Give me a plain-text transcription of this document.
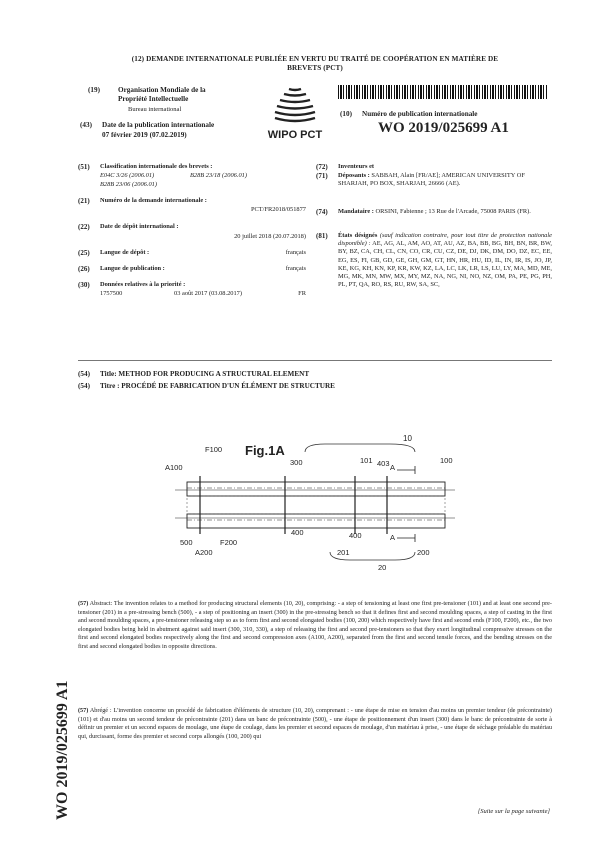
(12) DEMANDE INTERNATIONALE PUBLIÉE EN VERTU DU TRAITÉ DE COOPÉRATION EN MATIÈRE DE
BREVETS (PCT)
(19)	Organisation Mondiale de la
Propriété Intellectuelle
Bureau international
(43) Date de la publication internationale
07 février 2019 (07.02.2019)	WIPO PCT
(10) Numéro de publication internationale
WO 2019/025699 A1
(51) Classification internationale des brevets :
E04C 3/26 (2006.01)	B28B 23/18 (2006.01)
B28B 23/06 (2006.01)
(21) Numéro de la demande internationale :
PCT/FR2018/051877
(22) Date de dépôt international :
20 juillet 2018 (20.07.2018)
(25) Langue de dépôt :	français
(26) Langue de publication :	français
(30) Données relatives à la priorité :
1757500	03 août 2017 (03.08.2017)	FR
(72) Inventeurs et
(71) Déposants : SABBAH, Alain [FR/AE]; AMERICAN UNIVERSITY OF SHARJAH, PO BOX, SHARJAH, 26666 (AE).
(74) Mandataire : ORSINI, Fabienne ; 13 Rue de l'Arcade, 75008 PARIS (FR).
(81) États désignés (sauf indication contraire, pour tout titre de protection nationale disponible) : AE, AG, AL, AM, AO, AT, AU, AZ, BA, BB, BG, BH, BN, BR, BW, BY, BZ, CA, CH, CL, CN, CO, CR, CU, CZ, DE, DJ, DK, DM, DO, DZ, EC, EE, EG, ES, FI, GB, GD, GE, GH, GM, GT, HN, HR, HU, ID, IL, IN, IR, IS, JO, JP, KE, KG, KH, KN, KP, KR, KW, KZ, LA, LC, LK, LR, LS, LU, LY, MA, MD, ME, MG, MK, MN, MW, MX, MY, MZ, NA, NG, NI, NO, NZ, OM, PA, PE, PG, PH, PL, PT, QA, RO, RS, RU, RW, SA, SC,
(54) Title: METHOD FOR PRODUCING A STRUCTURAL ELEMENT
(54) Titre : PROCÉDÉ DE FABRICATION D'UN ÉLÉMENT DE STRUCTURE
Fig.1A
10
F100
A100
300	101 403 A
100
500	F200
400	400	A
A200	201	200
20
(57) Abstract: The invention relates to a method for producing structural elements (10, 20), comprising: - a step of tensioning at least one first pre-tensioner (101) and at least one second pre-tensioner (201) in a pre-stressing bench (500), - a step of positioning an insert (300) in the pre-stressing bench so that it defines first and second moulding spaces, a step of casting in the first and second moulding spaces, a pre-tensioner releasing step so as to form first and second elongated bodies (100, 200) which respectively have first and second ends (F100, F200), etc., the two elongated bodies being held in abutment against said insert (300, 310, 330), a step of releasing the first and second pre-tensioners so that they exert longitudinal compressive stresses on the first and second elongated bodies respectively along the first and second compression axes (A100, A200), separated from the first and second tensile forces, and the bending stresses on the first and second elongated bodies in opposite directions.
(57) Abrégé : L'invention concerne un procédé de fabrication d'éléments de structure (10, 20), comprenant : - une étape de mise en tension d'au moins un premier tendeur (de précontrainte) (101) et d'au moins un second tendeur de précontrainte (201) dans un banc de précontrainte (500), - une étape de positionnement d'un insert (300) dans le banc de précontrainte de sorte à définir un premier et un second espaces de moulage, une étape de coulage, dans les premier et second espaces de moulage, d'un matériau à prise, - une étape de séchage préalable du matériau qui, durcissant, forme des premier et second corps allongés (100, 200) qui
WO 2019/025699 A1	[Suite sur la page suivante]
